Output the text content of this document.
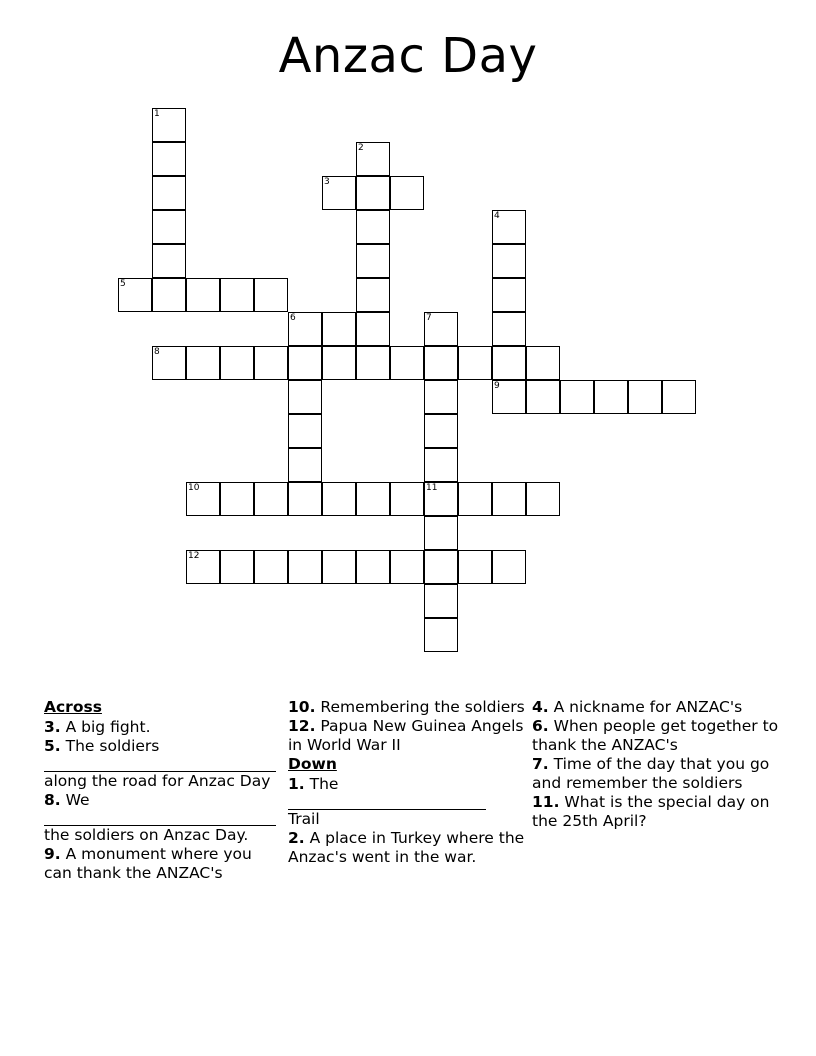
Anzac Day
1
2
3
4
5
6	7
8
9
10	11
12
Across
3. A big fight.
5. The soldiers
along the road for Anzac Day
8. We
the soldiers on Anzac Day.
9. A monument where you can thank the ANZAC's
10. Remembering the soldiers
12. Papua New Guinea Angels in World War II
Down
1. The
Trail
2. A place in Turkey where the Anzac's went in the war.
4. A nickname for ANZAC's
6. When people get together to thank the ANZAC's
7. Time of the day that you go and remember the soldiers
11. What is the special day on the 25th April?
